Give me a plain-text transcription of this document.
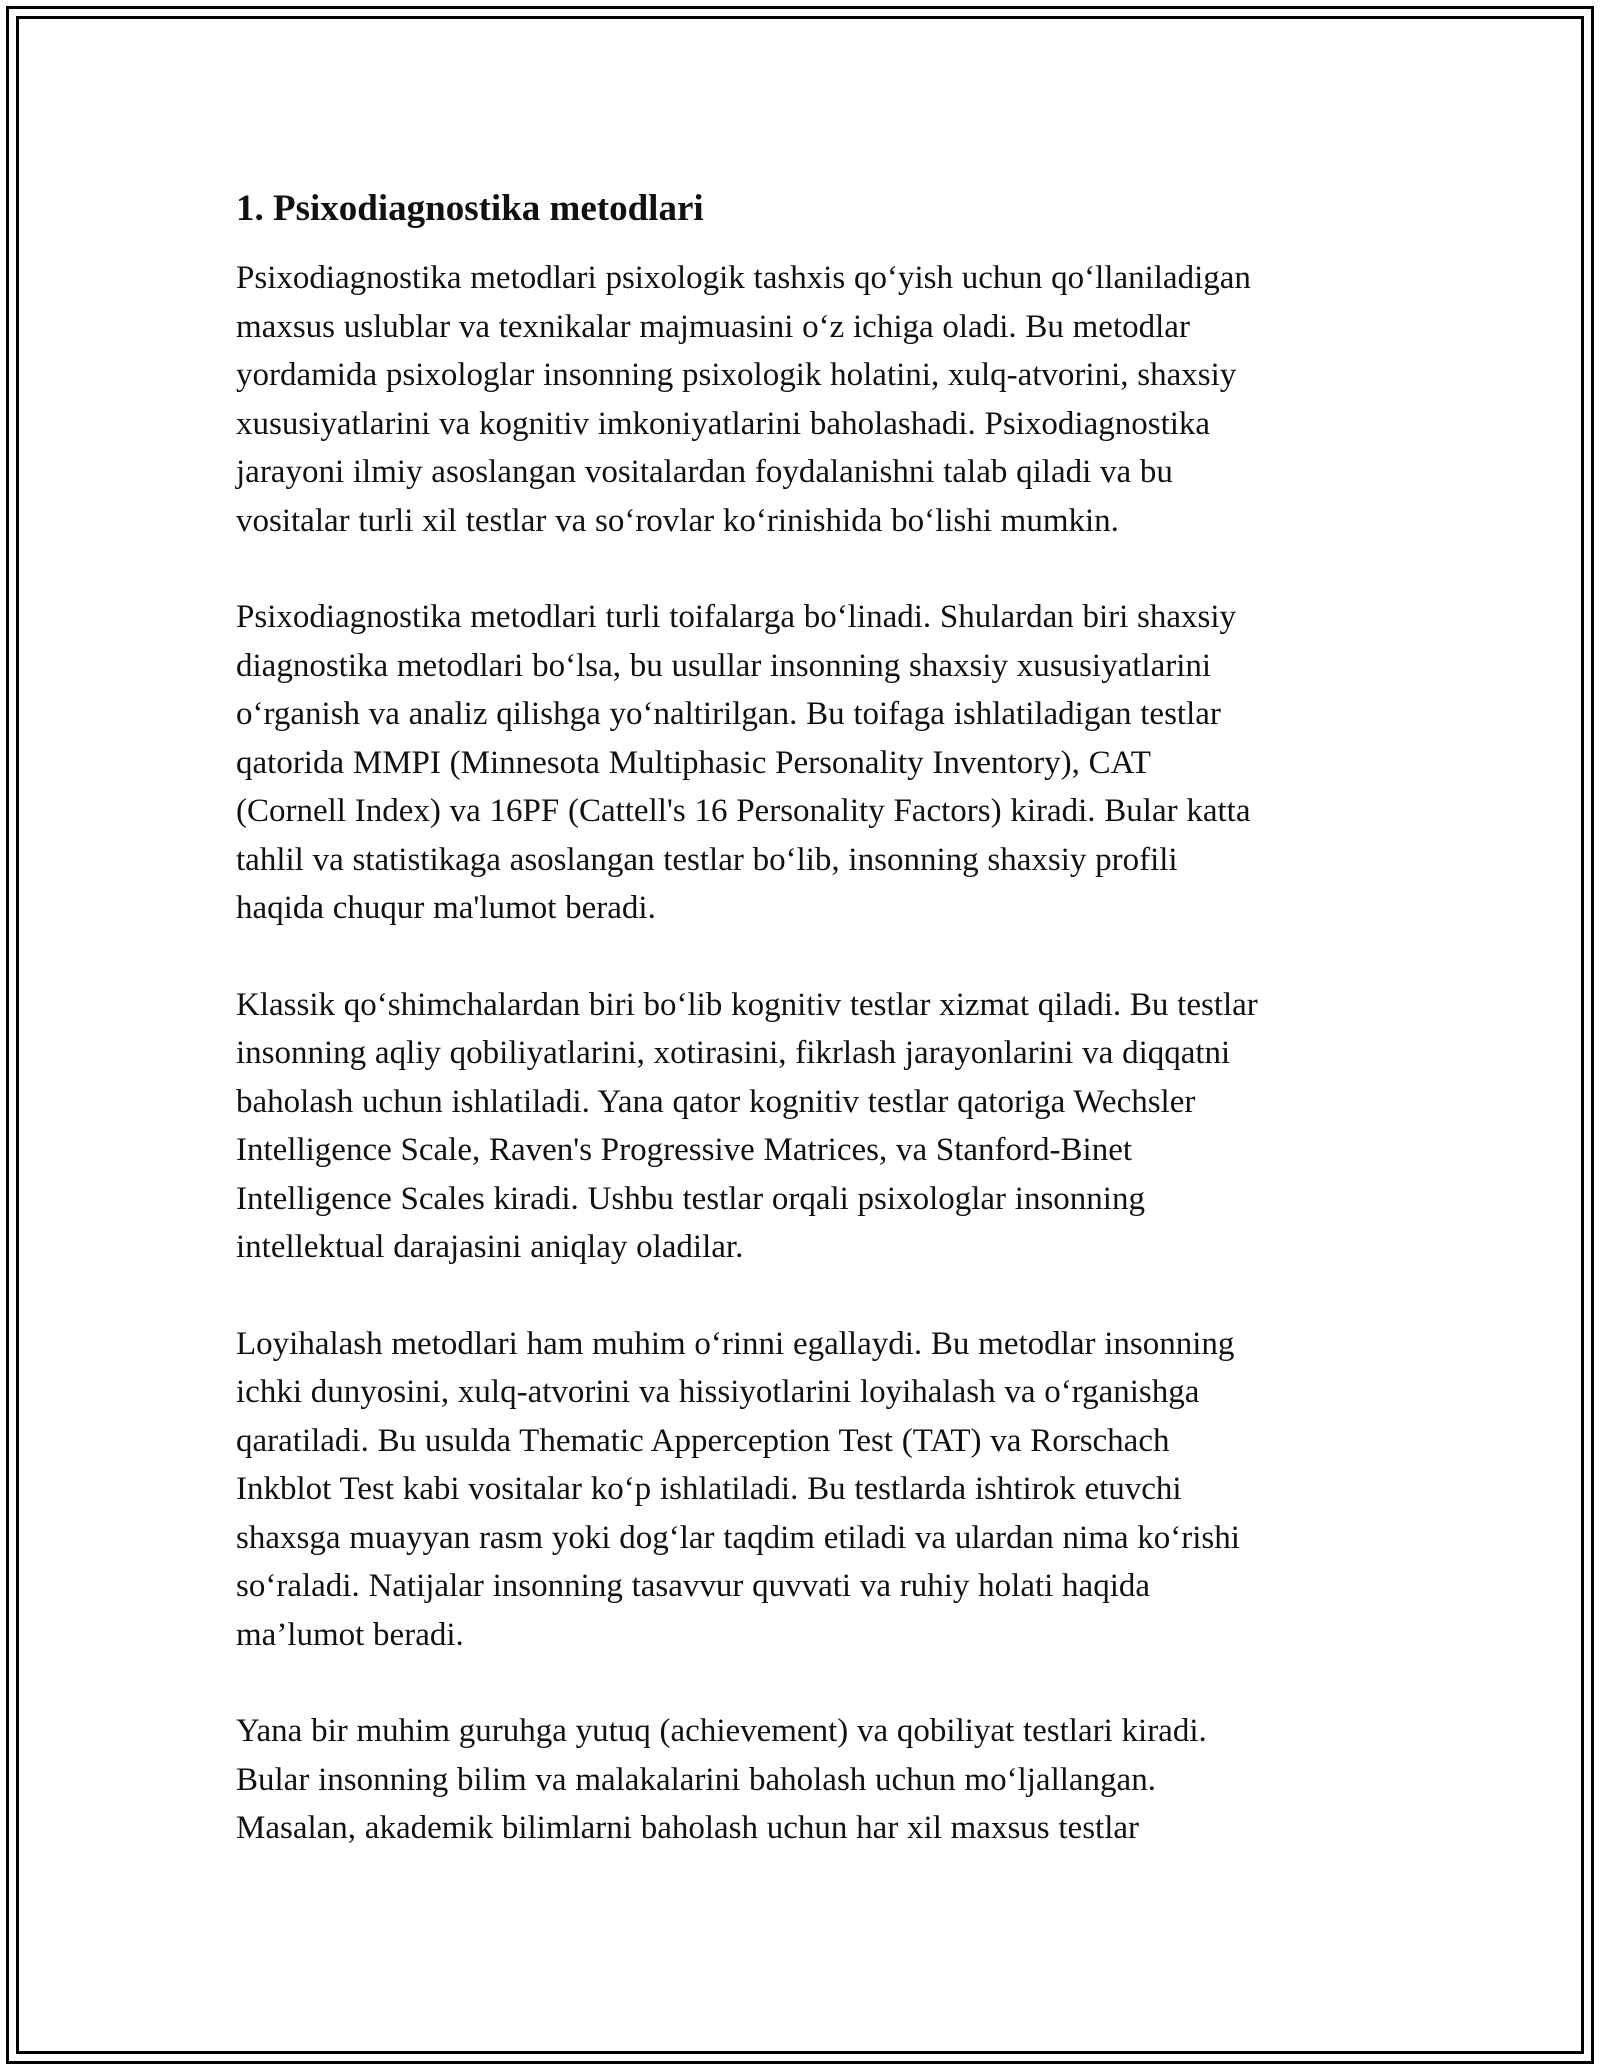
1. Psixodiagnostika metodlari
Psixodiagnostika metodlari psixologik tashxis qo‘yish uchun qo‘llaniladigan
maxsus uslublar va texnikalar majmuasini o‘z ichiga oladi. Bu metodlar
yordamida psixologlar insonning psixologik holatini, xulq-atvorini, shaxsiy
xususiyatlarini va kognitiv imkoniyatlarini baholashadi. Psixodiagnostika
jarayoni ilmiy asoslangan vositalardan foydalanishni talab qiladi va bu
vositalar turli xil testlar va so‘rovlar ko‘rinishida bo‘lishi mumkin.
Psixodiagnostika metodlari turli toifalarga bo‘linadi. Shulardan biri shaxsiy
diagnostika metodlari bo‘lsa, bu usullar insonning shaxsiy xususiyatlarini
o‘rganish va analiz qilishga yo‘naltirilgan. Bu toifaga ishlatiladigan testlar
qatorida MMPI (Minnesota Multiphasic Personality Inventory), CAT
(Cornell Index) va 16PF (Cattell's 16 Personality Factors) kiradi. Bular katta
tahlil va statistikaga asoslangan testlar bo‘lib, insonning shaxsiy profili
haqida chuqur ma'lumot beradi.
Klassik qo‘shimchalardan biri bo‘lib kognitiv testlar xizmat qiladi. Bu testlar
insonning aqliy qobiliyatlarini, xotirasini, fikrlash jarayonlarini va diqqatni
baholash uchun ishlatiladi. Yana qator kognitiv testlar qatoriga Wechsler
Intelligence Scale, Raven's Progressive Matrices, va Stanford-Binet
Intelligence Scales kiradi. Ushbu testlar orqali psixologlar insonning
intellektual darajasini aniqlay oladilar.
Loyihalash metodlari ham muhim o‘rinni egallaydi. Bu metodlar insonning
ichki dunyosini, xulq-atvorini va hissiyotlarini loyihalash va o‘rganishga
qaratiladi. Bu usulda Thematic Apperception Test (TAT) va Rorschach
Inkblot Test kabi vositalar ko‘p ishlatiladi. Bu testlarda ishtirok etuvchi
shaxsga muayyan rasm yoki dog‘lar taqdim etiladi va ulardan nima ko‘rishi
so‘raladi. Natijalar insonning tasavvur quvvati va ruhiy holati haqida
ma’lumot beradi.
Yana bir muhim guruhga yutuq (achievement) va qobiliyat testlari kiradi.
Bular insonning bilim va malakalarini baholash uchun mo‘ljallangan.
Masalan, akademik bilimlarni baholash uchun har xil maxsus testlar
